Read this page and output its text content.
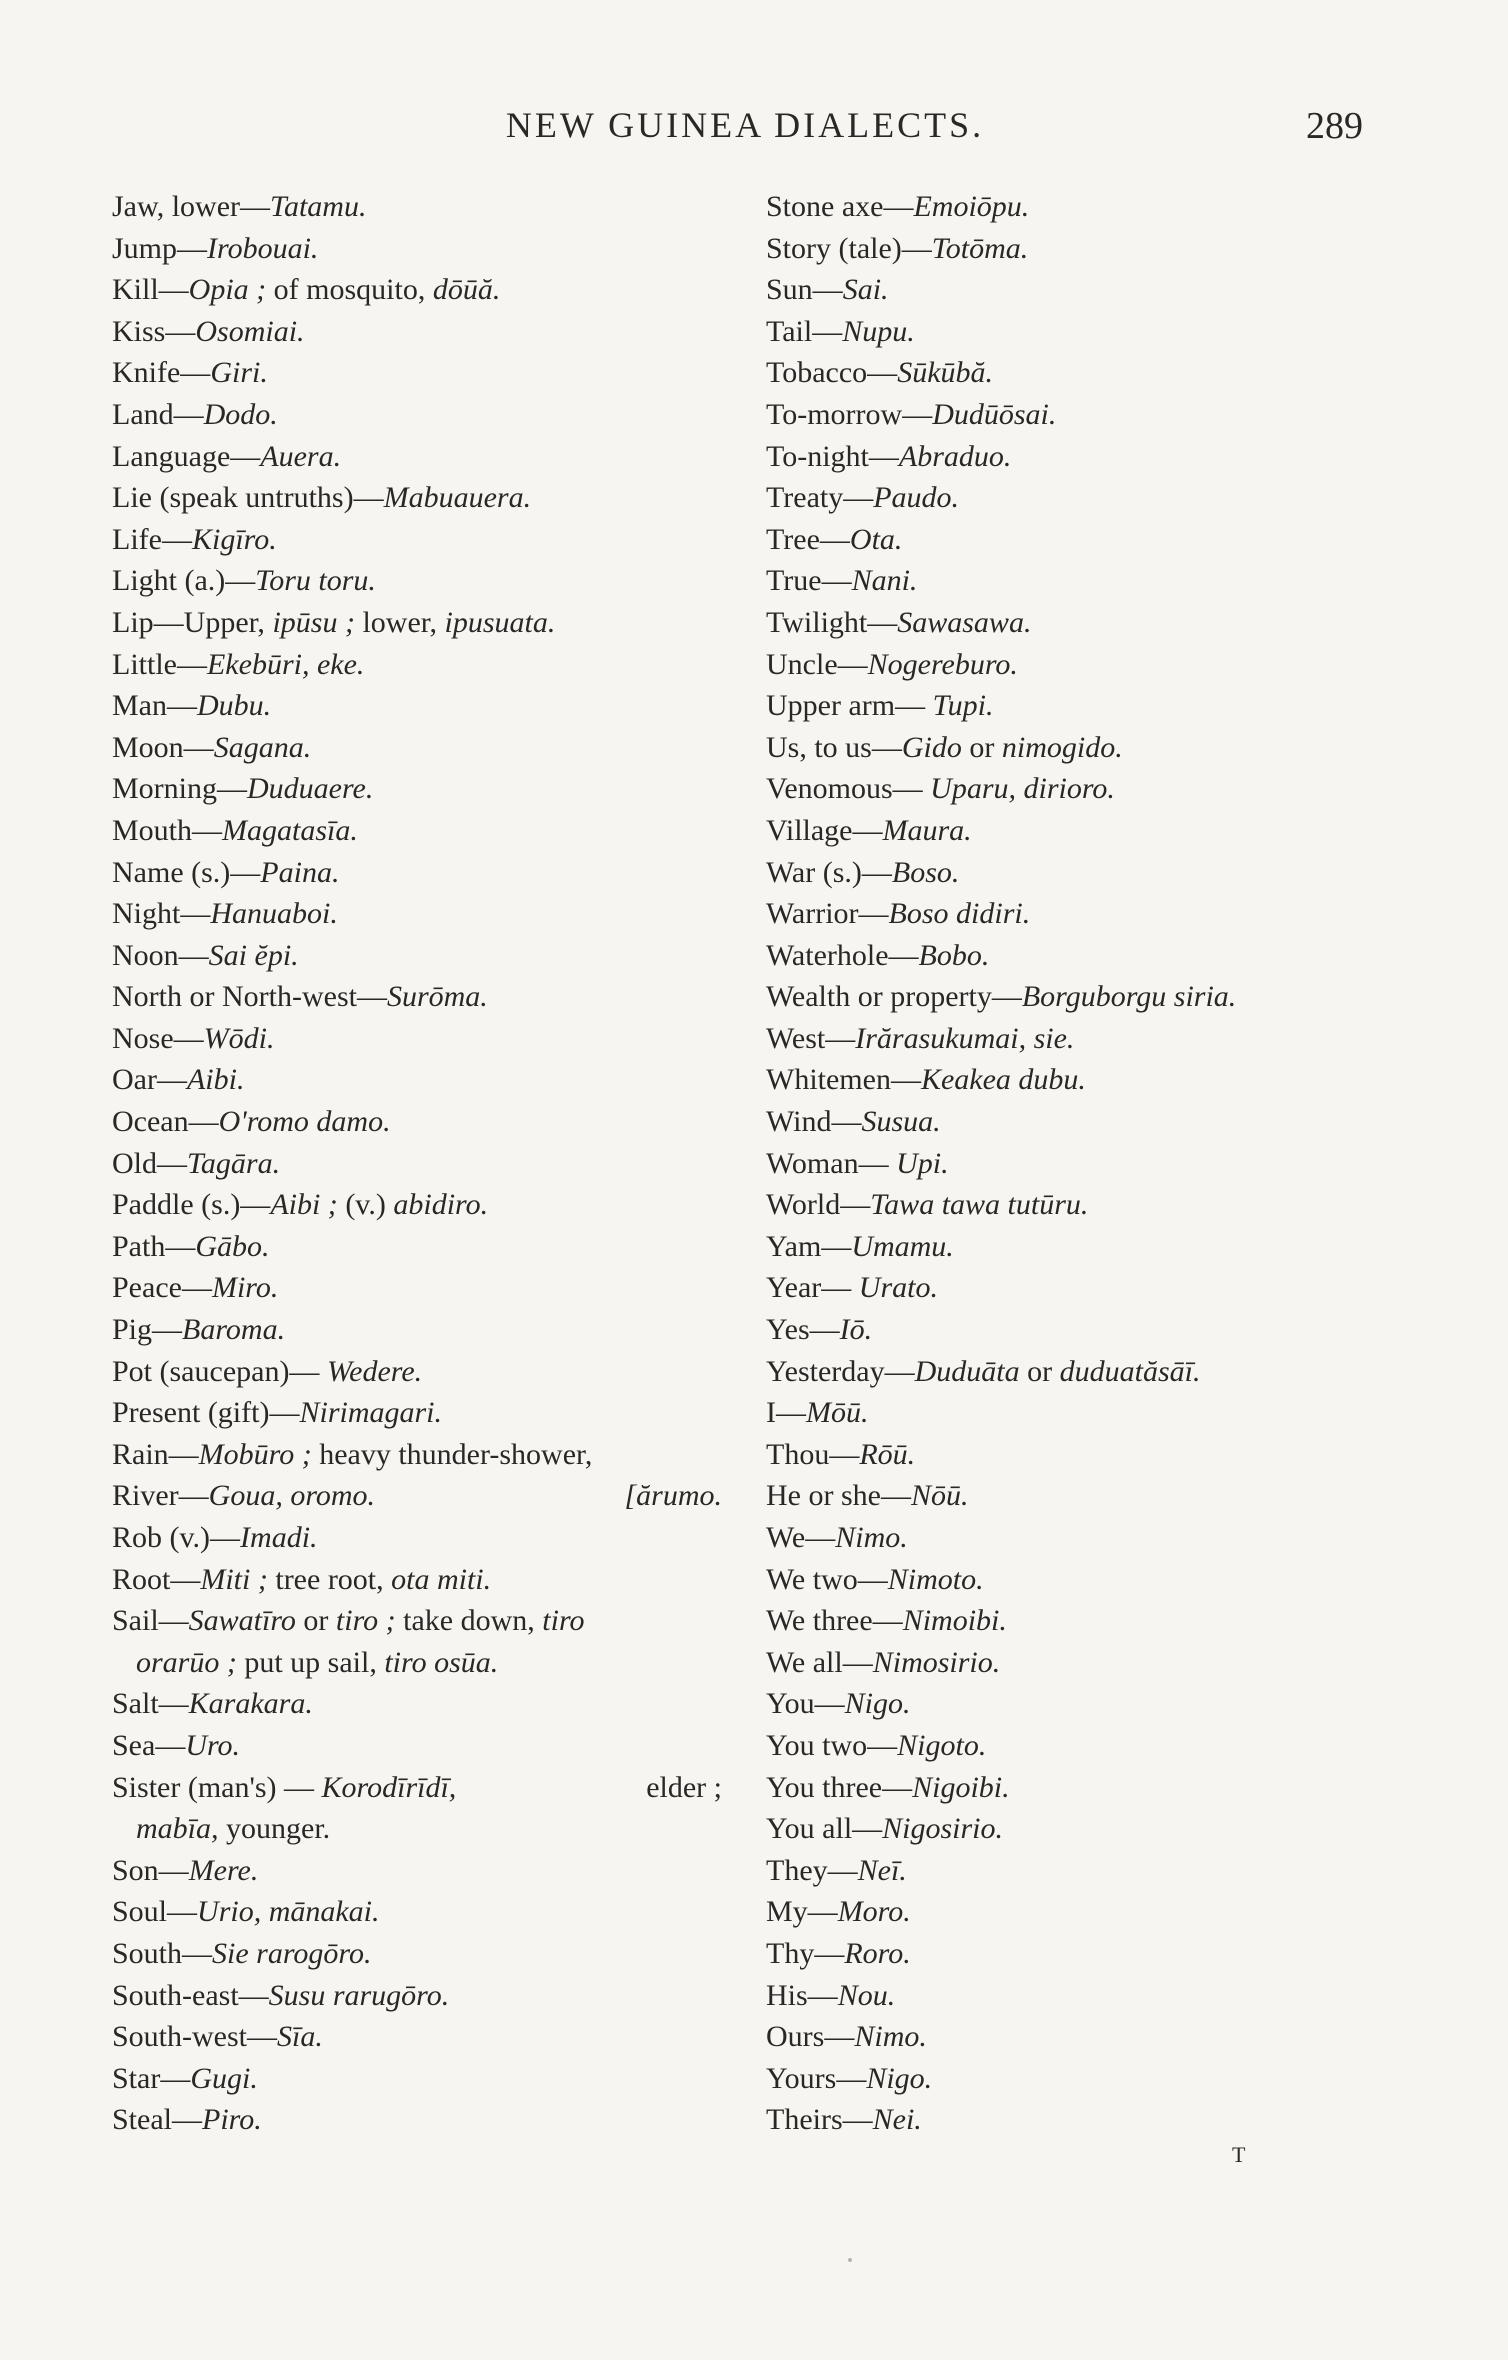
NEW GUINEA DIALECTS.	289
Jaw, lower—Tatamu.
Jump—Irobouai.
Kill—Opia ; of mosquito, dōūă.
Kiss—Osomiai.
Knife—Giri.
Land—Dodo.
Language—Auera.
Lie (speak untruths)—Mabuauera.
Life—Kigīro.
Light (a.)—Toru toru.
Lip—Upper, ipūsu ; lower, ipusuata.
Little—Ekebūri, eke.
Man—Dubu.
Moon—Sagana.
Morning—Duduaere.
Mouth—Magatasīa.
Name (s.)—Paina.
Night—Hanuaboi.
Noon—Sai ĕpi.
North or North-west—Surōma.
Nose—Wōdi.
Oar—Aibi.
Ocean—O'romo damo.
Old—Tagāra.
Paddle (s.)—Aibi ; (v.) abidiro.
Path—Gābo.
Peace—Miro.
Pig—Baroma.
Pot (saucepan)— Wedere.
Present (gift)—Nirimagari.
Rain—Mobūro ; heavy thunder-shower,
River—Goua, oromo.	[ărumo.
Rob (v.)—Imadi.
Root—Miti ; tree root, ota miti.
Sail—Sawatīro or tiro ; take down, tiro
orarūo ; put up sail, tiro osūa.
Salt—Karakara.
Sea—Uro.
Sister (man's) — Korodīrīdī,	elder ;
mabīa, younger.
Son—Mere.
Soul—Urio, mānakai.
South—Sie rarogōro.
South-east—Susu rarugōro.
South-west—Sīa.
Star—Gugi.
Steal—Piro.
Stone axe—Emoiōpu.
Story (tale)—Totōma.
Sun—Sai.
Tail—Nupu.
Tobacco—Sūkūbă.
To-morrow—Dudūōsai.
To-night—Abraduo.
Treaty—Paudo.
Tree—Ota.
True—Nani.
Twilight—Sawasawa.
Uncle—Nogereburo.
Upper arm— Tupi.
Us, to us—Gido or nimogido.
Venomous— Uparu, dirioro.
Village—Maura.
War (s.)—Boso.
Warrior—Boso didiri.
Waterhole—Bobo.
Wealth or property—Borguborgu siria.
West—Irărasukumai, sie.
Whitemen—Keakea dubu.
Wind—Susua.
Woman— Upi.
World—Tawa tawa tutūru.
Yam—Umamu.
Year— Urato.
Yes—Iō.
Yesterday—Duduāta or duduatăsāī.
I—Mōū.
Thou—Rōū.
He or she—Nōū.
We—Nimo.
We two—Nimoto.
We three—Nimoibi.
We all—Nimosirio.
You—Nigo.
You two—Nigoto.
You three—Nigoibi.
You all—Nigosirio.
They—Neī.
My—Moro.
Thy—Roro.
His—Nou.
Ours—Nimo.
Yours—Nigo.
Theirs—Nei.
T
